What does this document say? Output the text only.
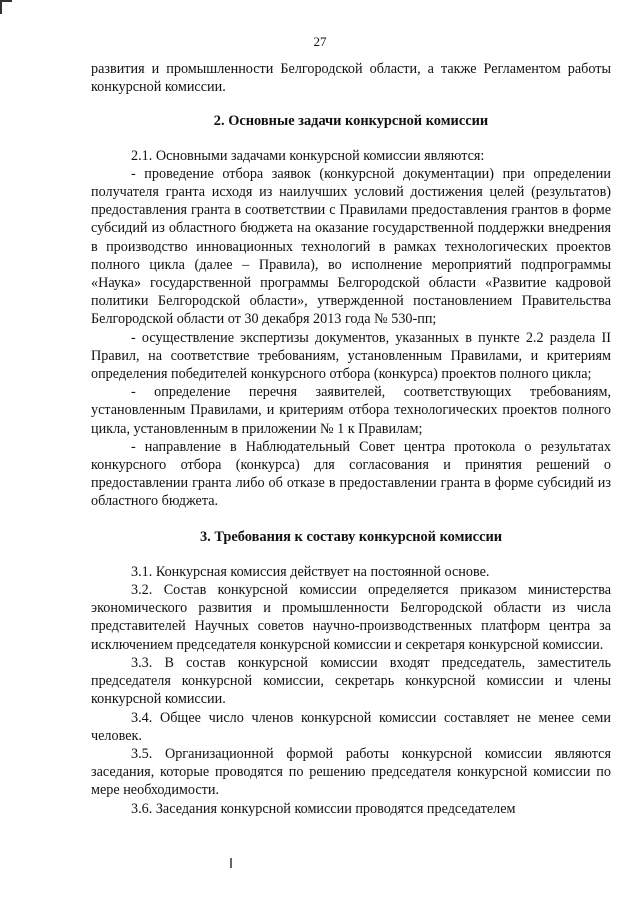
27

развития и промышленности Белгородской области, а также Регламентом работы конкурсной комиссии.

2. Основные задачи конкурсной комиссии

2.1. Основными задачами конкурсной комиссии являются:

- проведение отбора заявок (конкурсной документации) при определении получателя гранта исходя из наилучших условий достижения целей (результатов) предоставления гранта в соответствии с Правилами предоставления грантов в форме субсидий из областного бюджета на оказание государственной поддержки внедрения в производство инновационных технологий в рамках технологических проектов полного цикла (далее – Правила), во исполнение мероприятий подпрограммы «Наука» государственной программы Белгородской области «Развитие кадровой политики Белгородской области», утвержденной постановлением Правительства Белгородской области от 30 декабря 2013 года № 530-пп;

- осуществление экспертизы документов, указанных в пункте 2.2 раздела II Правил, на соответствие требованиям, установленным Правилами, и критериям определения победителей конкурсного отбора (конкурса) проектов полного цикла;

- определение перечня заявителей, соответствующих требованиям, установленным Правилами, и критериям отбора технологических проектов полного цикла, установленным в приложении № 1 к Правилам;

- направление в Наблюдательный Совет центра протокола о результатах конкурсного отбора (конкурса) для согласования и принятия решений о предоставлении гранта либо об отказе в предоставлении гранта в форме субсидий из областного бюджета.

3. Требования к составу конкурсной комиссии

3.1. Конкурсная комиссия действует на постоянной основе.

3.2. Состав конкурсной комиссии определяется приказом министерства экономического развития и промышленности Белгородской области из числа представителей Научных советов научно-производственных платформ центра за исключением председателя конкурсной комиссии и секретаря конкурсной комиссии.

3.3. В состав конкурсной комиссии входят председатель, заместитель председателя конкурсной комиссии, секретарь конкурсной комиссии и члены конкурсной комиссии.

3.4. Общее число членов конкурсной комиссии составляет не менее семи человек.

3.5. Организационной формой работы конкурсной комиссии являются заседания, которые проводятся по решению председателя конкурсной комиссии по мере необходимости.

3.6. Заседания конкурсной комиссии проводятся председателем
